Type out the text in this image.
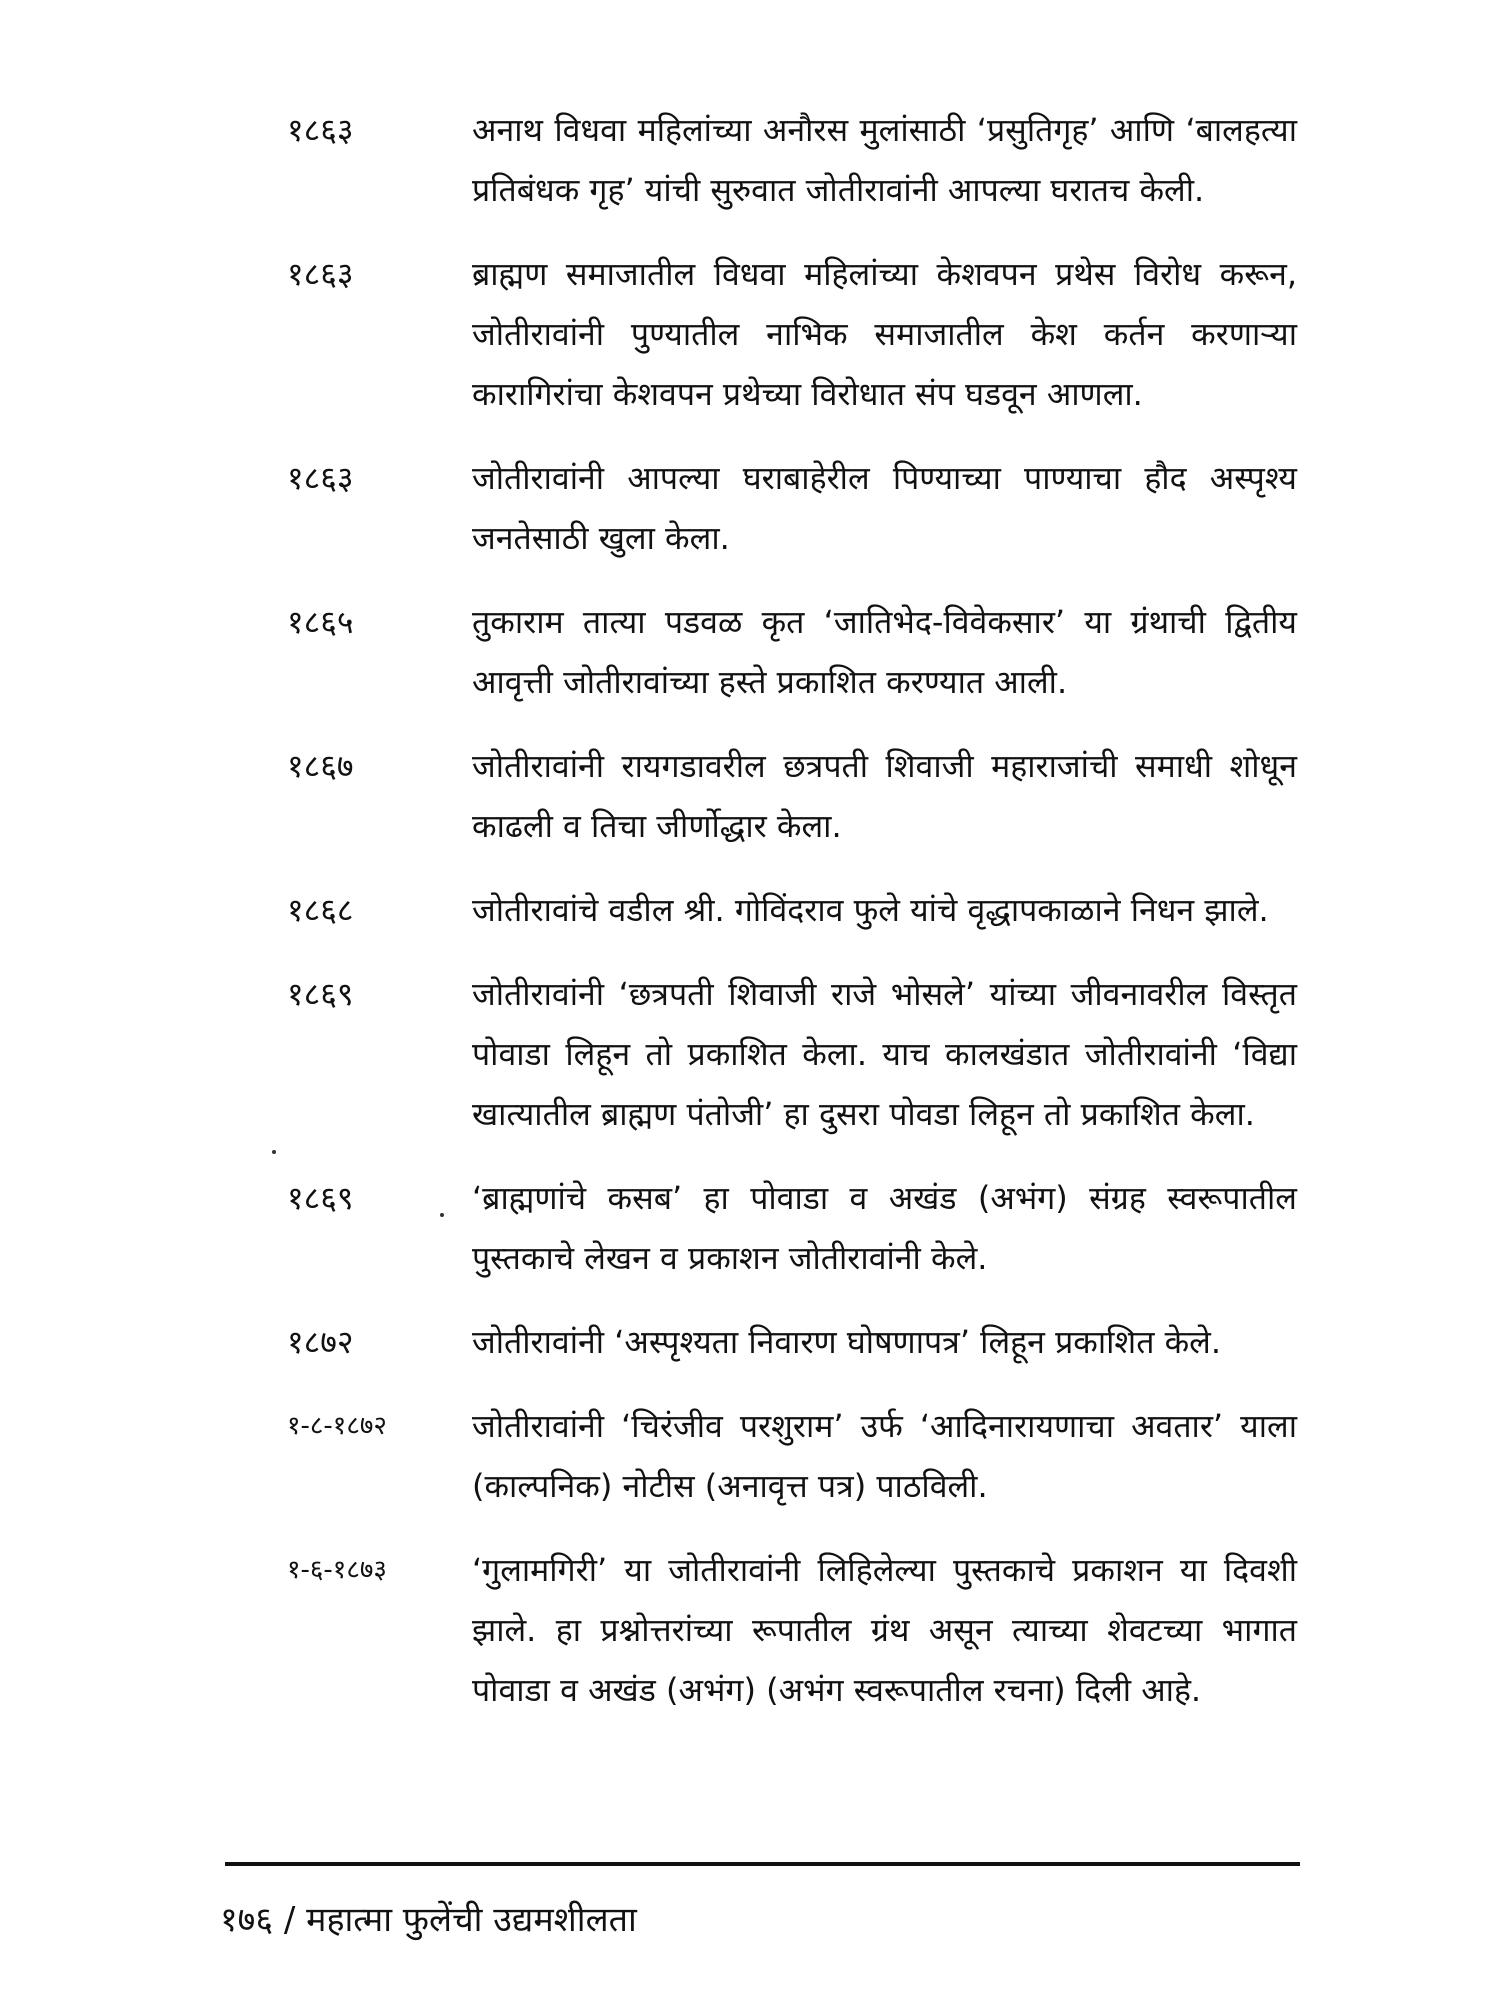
१८६३	अनाथ विधवा महिलांच्या अनौरस मुलांसाठी ‘प्रसुतिगृह’ आणि ‘बालहत्या प्रतिबंधक गृह’ यांची सुरुवात जोतीरावांनी आपल्या घरातच केली.
१८६३	ब्राह्मण समाजातील विधवा महिलांच्या केशवपन प्रथेस विरोध करून, जोतीरावांनी पुण्यातील नाभिक समाजातील केश कर्तन करणाऱ्या कारागिरांचा केशवपन प्रथेच्या विरोधात संप घडवून आणला.
१८६३	जोतीरावांनी आपल्या घराबाहेरील पिण्याच्या पाण्याचा हौद अस्पृश्य जनतेसाठी खुला केला.
१८६५	तुकाराम तात्या पडवळ कृत ‘जातिभेद-विवेकसार’ या ग्रंथाची द्वितीय आवृत्ती जोतीरावांच्या हस्ते प्रकाशित करण्यात आली.
१८६७	जोतीरावांनी रायगडावरील छत्रपती शिवाजी महाराजांची समाधी शोधून काढली व तिचा जीर्णोद्धार केला.
१८६८	जोतीरावांचे वडील श्री. गोविंदराव फुले यांचे वृद्धापकाळाने निधन झाले.
१८६९	जोतीरावांनी ‘छत्रपती शिवाजी राजे भोसले’ यांच्या जीवनावरील विस्तृत पोवाडा लिहून तो प्रकाशित केला. याच कालखंडात जोतीरावांनी ‘विद्या खात्यातील ब्राह्मण पंतोजी’ हा दुसरा पोवडा लिहून तो प्रकाशित केला.
१८६९	‘ब्राह्मणांचे कसब’ हा पोवाडा व अखंड (अभंग) संग्रह स्वरूपातील पुस्तकाचे लेखन व प्रकाशन जोतीरावांनी केले.
१८७२	जोतीरावांनी ‘अस्पृश्यता निवारण घोषणापत्र’ लिहून प्रकाशित केले.
१-८-१८७२	जोतीरावांनी ‘चिरंजीव परशुराम’ उर्फ ‘आदिनारायणाचा अवतार’ याला (काल्पनिक) नोटीस (अनावृत्त पत्र) पाठविली.
१-६-१८७३	‘गुलामगिरी’ या जोतीरावांनी लिहिलेल्या पुस्तकाचे प्रकाशन या दिवशी झाले. हा प्रश्नोत्तरांच्या रूपातील ग्रंथ असून त्याच्या शेवटच्या भागात पोवाडा व अखंड (अभंग) (अभंग स्वरूपातील रचना) दिली आहे.
१७६ / महात्मा फुलेंची उद्यमशीलता
